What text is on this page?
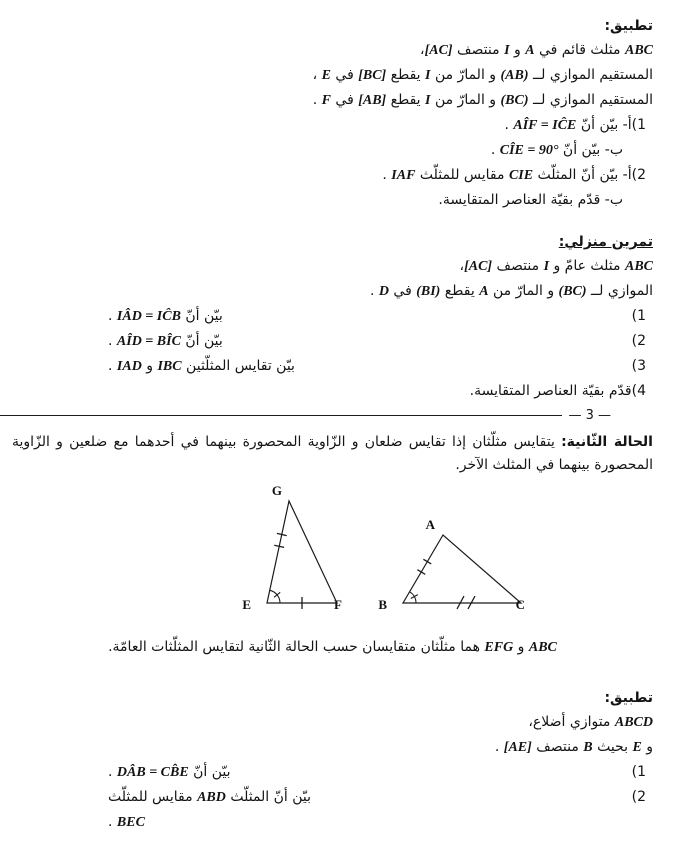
تطبيق:

ABC مثلث قائم في A و I منتصف [AC]،

المستقيم الموازي لــ (AB) و المارّ من I يقطع [BC] في E ،

المستقيم الموازي لــ (BC) و المارّ من I يقطع [AB] في F .

(1أ- بيّن أنّ AÎF = IĈE .

ب- بيّن أنّ CÎE = 90° .

(2أ- بيّن أنّ المثلّث CIE مقايس للمثلّث IAF .

ب- قدّم بقيّة العناصر المتقايسة.

تمرين منزلي:

ABC مثلث عامّ و I منتصف [AC]،

الموازي لــ (BC) و المارّ من A يقطع (BI) في D .

(1
بيّن أنّ IÂD = IĈB .
(2
بيّن أنّ AÎD = BÎC .
(3
بيّن تقايس المثلّثين IBC و IAD .

(4قدّم بقيّة العناصر المتقايسة.

— 3 —

الحالة الثّانية: يتقايس مثلّثان إذا تقايس ضلعان و الزّاوية المحصورة بينهما في أحدهما مع ضلعين و الزّاوية المحصورة بينهما في المثلث الآخر.

G
E	F
A
B	C

ABC و EFG هما مثلّثان متقايسان حسب الحالة الثّانية لتقايس المثلّثات العامّة.

تطبيق:

ABCD متوازي أضلاع،

و E بحيث B منتصف [AE] .

(1
بيّن أنّ DÂB = CB̂E .
(2
بيّن أنّ المثلّث ABD مقايس للمثلّث
BEC .
